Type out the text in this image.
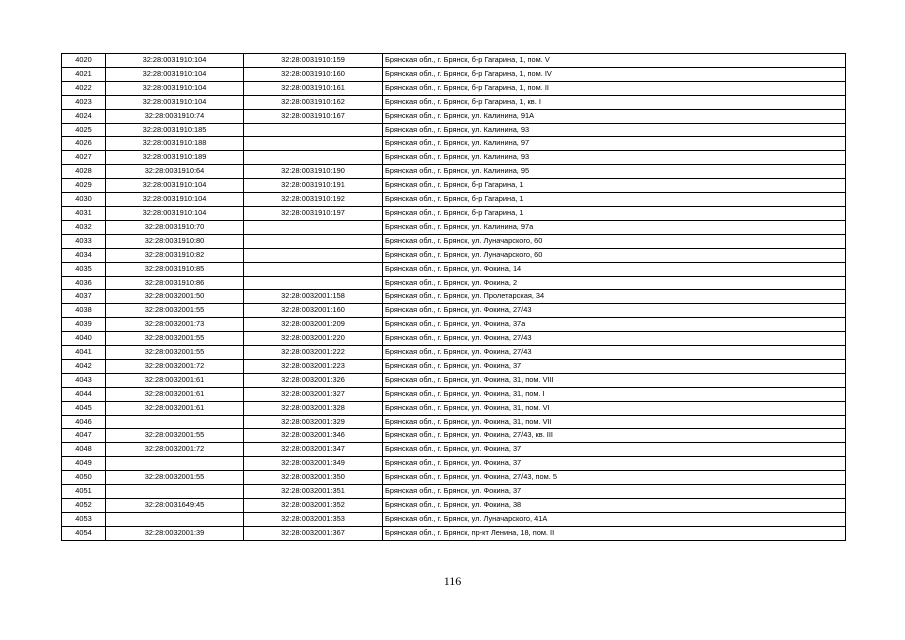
4020	32:28:0031910:104	32:28:0031910:159	Брянская обл., г. Брянск, б-р Гагарина, 1, пом. V
4021	32:28:0031910:104	32:28:0031910:160	Брянская обл., г. Брянск, б-р Гагарина, 1, пом. IV
4022	32:28:0031910:104	32:28:0031910:161	Брянская обл., г. Брянск, б-р Гагарина, 1, пом. II
4023	32:28:0031910:104	32:28:0031910:162	Брянская обл., г. Брянск, б-р Гагарина, 1, кв. I
4024	32:28:0031910:74	32:28:0031910:167	Брянская обл., г. Брянск, ул. Калинина, 91А
4025	32:28:0031910:185		Брянская обл., г. Брянск, ул. Калинина, 93
4026	32:28:0031910:188		Брянская обл., г. Брянск, ул. Калинина, 97
4027	32:28:0031910:189		Брянская обл., г. Брянск, ул. Калинина, 93
4028	32:28:0031910:64	32:28:0031910:190	Брянская обл., г. Брянск, ул. Калинина, 95
4029	32:28:0031910:104	32:28:0031910:191	Брянская обл., г. Брянск, б-р Гагарина, 1
4030	32:28:0031910:104	32:28:0031910:192	Брянская обл., г. Брянск, б-р Гагарина, 1
4031	32:28:0031910:104	32:28:0031910:197	Брянская обл., г. Брянск, б-р Гагарина, 1
4032	32:28:0031910:70		Брянская обл., г. Брянск, ул. Калинина, 97а
4033	32:28:0031910:80		Брянская обл., г. Брянск, ул. Луначарского, 60
4034	32:28:0031910:82		Брянская обл., г. Брянск, ул. Луначарского, 60
4035	32:28:0031910:85		Брянская обл., г. Брянск, ул. Фокина, 14
4036	32:28:0031910:86		Брянская обл., г. Брянск, ул. Фокина, 2
4037	32:28:0032001:50	32:28:0032001:158	Брянская обл., г. Брянск, ул. Пролетарская, 34
4038	32:28:0032001:55	32:28:0032001:160	Брянская обл., г. Брянск, ул. Фокина, 27/43
4039	32:28:0032001:73	32:28:0032001:209	Брянская обл., г. Брянск, ул. Фокина, 37а
4040	32:28:0032001:55	32:28:0032001:220	Брянская обл., г. Брянск, ул. Фокина, 27/43
4041	32:28:0032001:55	32:28:0032001:222	Брянская обл., г. Брянск, ул. Фокина, 27/43
4042	32:28:0032001:72	32:28:0032001:223	Брянская обл., г. Брянск, ул. Фокина, 37
4043	32:28:0032001:61	32:28:0032001:326	Брянская обл., г. Брянск, ул. Фокина, 31, пом. VIII
4044	32:28:0032001:61	32:28:0032001:327	Брянская обл., г. Брянск, ул. Фокина, 31, пом. I
4045	32:28:0032001:61	32:28:0032001:328	Брянская обл., г. Брянск, ул. Фокина, 31, пом. VI
4046		32:28:0032001:329	Брянская обл., г. Брянск, ул. Фокина, 31, пом. VII
4047	32:28:0032001:55	32:28:0032001:346	Брянская обл., г. Брянск, ул. Фокина, 27/43, кв. III
4048	32:28:0032001:72	32:28:0032001:347	Брянская обл., г. Брянск, ул. Фокина, 37
4049		32:28:0032001:349	Брянская обл., г. Брянск, ул. Фокина, 37
4050	32:28:0032001:55	32:28:0032001:350	Брянская обл., г. Брянск, ул. Фокина, 27/43, пом. 5
4051		32:28:0032001:351	Брянская обл., г. Брянск, ул. Фокина, 37
4052	32:28:0031649:45	32:28:0032001:352	Брянская обл., г. Брянск, ул. Фокина, 38
4053		32:28:0032001:353	Брянская обл., г. Брянск, ул. Луначарского, 41А
4054	32:28:0032001:39	32:28:0032001:367	Брянская обл., г. Брянск, пр-кт Ленина, 18, пом. II
116
